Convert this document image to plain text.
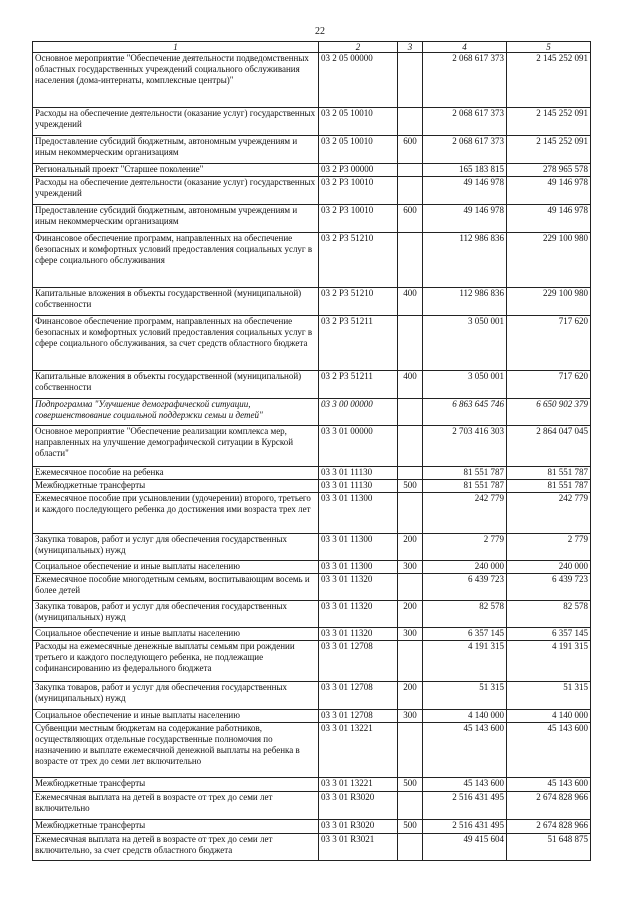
22
1	2	3	4	5
Основное мероприятие "Обеспечение деятельности подведомственных областных государственных учреждений социального обслуживания населения (дома-интернаты, комплексные центры)"	03 2 05 00000		2 068 617 373	2 145 252 091
Расходы на обеспечение деятельности (оказание услуг) государственных учреждений	03 2 05 10010		2 068 617 373	2 145 252 091
Предоставление субсидий бюджетным, автономным учреждениям и иным некоммерческим организациям	03 2 05 10010	600	2 068 617 373	2 145 252 091
Региональный проект "Старшее поколение"	03 2 P3 00000		165 183 815	278 965 578
Расходы на обеспечение деятельности (оказание услуг) государственных учреждений	03 2 P3 10010		49 146 978	49 146 978
Предоставление субсидий бюджетным, автономным учреждениям и иным некоммерческим организациям	03 2 P3 10010	600	49 146 978	49 146 978
Финансовое обеспечение программ, направленных на обеспечение безопасных и комфортных условий предоставления социальных услуг в сфере социального обслуживания	03 2 P3 51210		112 986 836	229 100 980
Капитальные вложения в объекты государственной (муниципальной) собственности	03 2 P3 51210	400	112 986 836	229 100 980
Финансовое обеспечение программ, направленных на обеспечение безопасных и комфортных условий предоставления социальных услуг в сфере социального обслуживания, за счет средств областного бюджета	03 2 P3 51211		3 050 001	717 620
Капитальные вложения в объекты государственной (муниципальной) собственности	03 2 P3 51211	400	3 050 001	717 620
Подпрограмма "Улучшение демографической ситуации, совершенствование социальной поддержки семьи и детей"	03 3 00 00000		6 863 645 746	6 650 902 379
Основное мероприятие "Обеспечение реализации комплекса мер, направленных на улучшение демографической ситуации в Курской области"	03 3 01 00000		2 703 416 303	2 864 047 045
Ежемесячное пособие на ребенка	03 3 01 11130		81 551 787	81 551 787
Межбюджетные трансферты	03 3 01 11130	500	81 551 787	81 551 787
Ежемесячное пособие при усыновлении (удочерении) второго, третьего и каждого последующего ребенка до достижения ими возраста трех лет	03 3 01 11300		242 779	242 779
Закупка товаров, работ и услуг для обеспечения государственных (муниципальных) нужд	03 3 01 11300	200	2 779	2 779
Социальное обеспечение и иные выплаты населению	03 3 01 11300	300	240 000	240 000
Ежемесячное пособие многодетным семьям, воспитывающим восемь и более детей	03 3 01 11320		6 439 723	6 439 723
Закупка товаров, работ и услуг для обеспечения государственных (муниципальных) нужд	03 3 01 11320	200	82 578	82 578
Социальное обеспечение и иные выплаты населению	03 3 01 11320	300	6 357 145	6 357 145
Расходы на ежемесячные денежные выплаты семьям при рождении третьего и каждого последующего ребенка, не подлежащие софинансированию из федерального бюджета	03 3 01 12708		4 191 315	4 191 315
Закупка товаров, работ и услуг для обеспечения государственных (муниципальных) нужд	03 3 01 12708	200	51 315	51 315
Социальное обеспечение и иные выплаты населению	03 3 01 12708	300	4 140 000	4 140 000
Субвенции местным бюджетам на содержание работников, осуществляющих отдельные государственные полномочия по назначению и выплате ежемесячной денежной выплаты на ребенка в возрасте от трех до семи лет включительно	03 3 01 13221		45 143 600	45 143 600
Межбюджетные трансферты	03 3 01 13221	500	45 143 600	45 143 600
Ежемесячная выплата на детей в возрасте от трех до семи лет включительно	03 3 01 R3020		2 516 431 495	2 674 828 966
Межбюджетные трансферты	03 3 01 R3020	500	2 516 431 495	2 674 828 966
Ежемесячная выплата на детей в возрасте от трех до семи лет включительно, за счет средств областного бюджета	03 3 01 R3021		49 415 604	51 648 875
